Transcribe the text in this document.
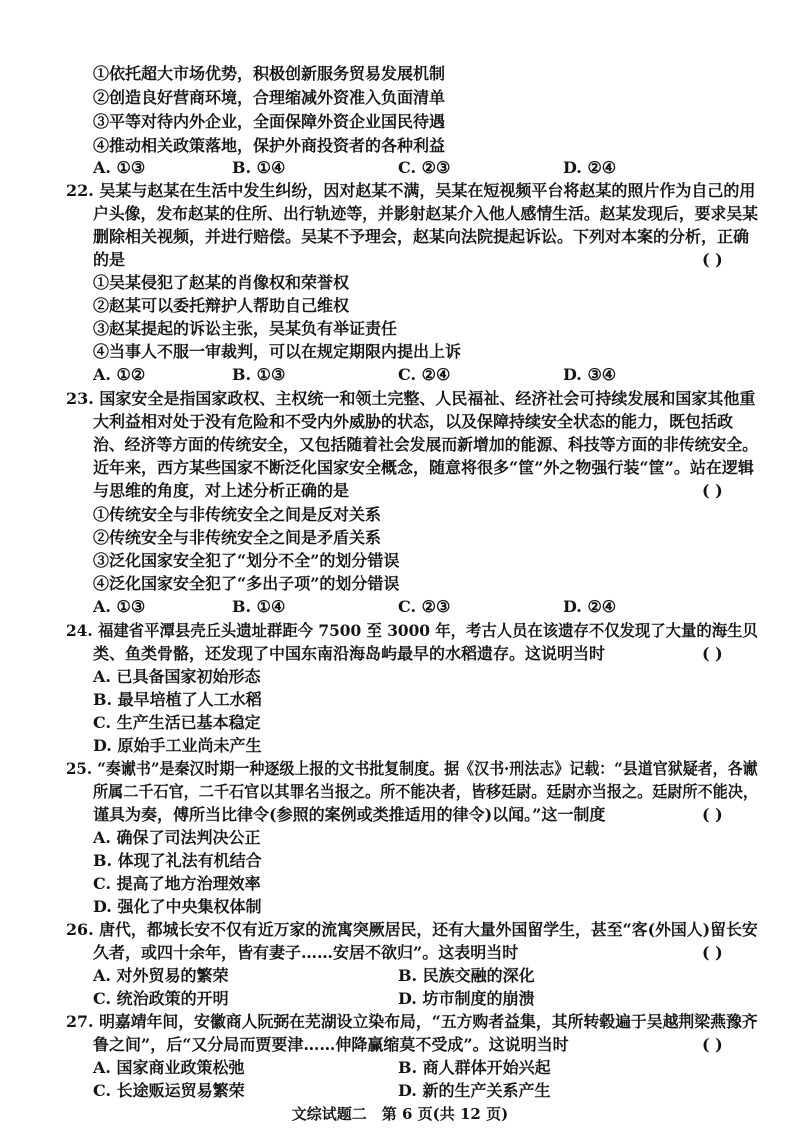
①依托超大市场优势，积极创新服务贸易发展机制
②创造良好营商环境，合理缩减外资准入负面清单
③平等对待内外企业，全面保障外资企业国民待遇
④推动相关政策落地，保护外商投资者的各种利益
A. ①③	B. ①④	C. ②③	D. ②④
22. 吴某与赵某在生活中发生纠纷，因对赵某不满，吴某在短视频平台将赵某的照片作为自己的用
户头像，发布赵某的住所、出行轨迹等，并影射赵某介入他人感情生活。赵某发现后，要求吴某
删除相关视频，并进行赔偿。吴某不予理会，赵某向法院提起诉讼。下列对本案的分析，正确
的是	( )
①吴某侵犯了赵某的肖像权和荣誉权
②赵某可以委托辩护人帮助自己维权
③赵某提起的诉讼主张，吴某负有举证责任
④当事人不服一审裁判，可以在规定期限内提出上诉
A. ①②	B. ①③	C. ②④	D. ③④
23. 国家安全是指国家政权、主权统一和领土完整、人民福祉、经济社会可持续发展和国家其他重
大利益相对处于没有危险和不受内外威胁的状态，以及保障持续安全状态的能力，既包括政
治、经济等方面的传统安全，又包括随着社会发展而新增加的能源、科技等方面的非传统安全。
近年来，西方某些国家不断泛化国家安全概念，随意将很多“筐”外之物强行装“筐”。站在逻辑
与思维的角度，对上述分析正确的是	( )
①传统安全与非传统安全之间是反对关系
②传统安全与非传统安全之间是矛盾关系
③泛化国家安全犯了“划分不全”的划分错误
④泛化国家安全犯了“多出子项”的划分错误
A. ①③	B. ①④	C. ②③	D. ②④
24. 福建省平潭县壳丘头遗址群距今 7500 至 3000 年，考古人员在该遗存不仅发现了大量的海生贝
类、鱼类骨骼，还发现了中国东南沿海岛屿最早的水稻遗存。这说明当时	( )
A. 已具备国家初始形态
B. 最早培植了人工水稻
C. 生产生活已基本稳定
D. 原始手工业尚未产生
25. “奏谳书”是秦汉时期一种逐级上报的文书批复制度。据《汉书·刑法志》记载：“县道官狱疑者，各谳
所属二千石官，二千石官以其罪名当报之。所不能决者，皆移廷尉。廷尉亦当报之。廷尉所不能决，
谨具为奏，傅所当比律令(参照的案例或类推适用的律令)以闻。”这一制度	( )
A. 确保了司法判决公正
B. 体现了礼法有机结合
C. 提高了地方治理效率
D. 强化了中央集权体制
26. 唐代，都城长安不仅有近万家的流寓突厥居民，还有大量外国留学生，甚至“客(外国人)留长安
久者，或四十余年，皆有妻子……安居不欲归”。这表明当时	( )
A. 对外贸易的繁荣	B. 民族交融的深化
C. 统治政策的开明	D. 坊市制度的崩溃
27. 明嘉靖年间，安徽商人阮弼在芜湖设立染布局，“五方购者益集，其所转毂遍于吴越荆梁燕豫齐
鲁之间”，后“又分局而贾要津……伸降赢缩莫不受成”。这说明当时	( )
A. 国家商业政策松弛	B. 商人群体开始兴起
C. 长途贩运贸易繁荣	D. 新的生产关系产生
文综试题二　第 6 页(共 12 页)
